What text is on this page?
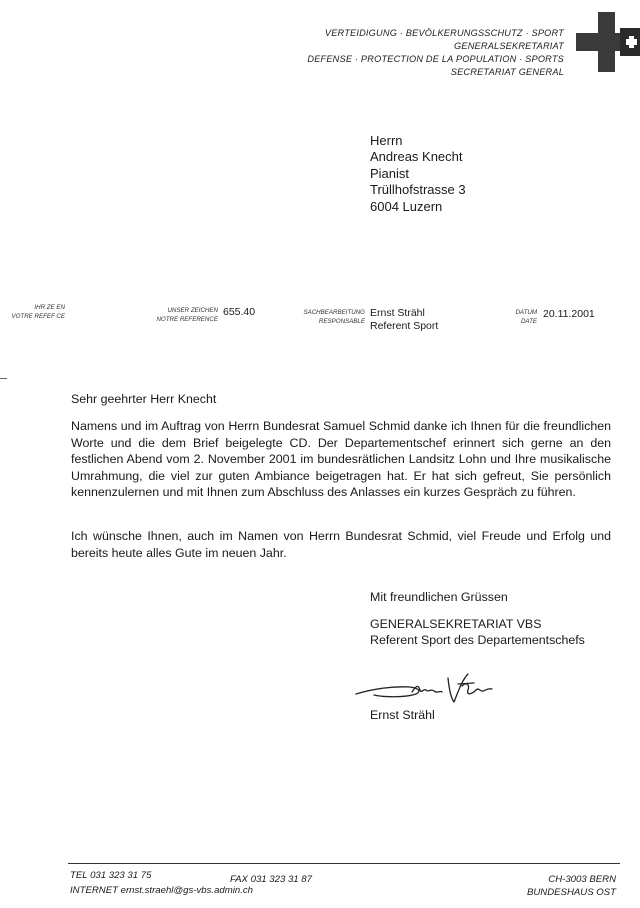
VERTEIDIGUNG · BEVÖLKERUNGSSCHUTZ · SPORT
GENERALSEKRETARIAT
DEFENSE · PROTECTION DE LA POPULATION · SPORTS
SECRETARIAT GENERAL
Herrn
Andreas Knecht
Pianist
Trüllhofstrasse 3
6004 Luzern
IHR ZE EN
VOTRE REFEF CE
UNSER ZEICHEN
NOTRE REFERENCE
655.40	SACHBEARBEITUNG
RESPONSABLE
Ernst Strähl
Referent Sport
DATUM
DATE
20.11.2001
Sehr geehrter Herr Knecht

Namens und im Auftrag von Herrn Bundesrat Samuel Schmid danke ich Ihnen für die freundlichen Worte und die dem Brief beigelegte CD. Der Departementschef erinnert sich gerne an den festlichen Abend vom 2. November 2001 im bundesrätlichen Landsitz Lohn und Ihre musikalische Umrahmung, die viel zur guten Ambiance beigetragen hat. Er hat sich gefreut, Sie persönlich kennenzulernen und mit Ihnen zum Abschluss des Anlasses ein kurzes Gespräch zu führen.

Ich wünsche Ihnen, auch im Namen von Herrn Bundesrat Schmid, viel Freude und Erfolg und bereits heute alles Gute im neuen Jahr.

Mit freundlichen Grüssen
GENERALSEKRETARIAT VBS
Referent Sport des Departementschefs
Ernst Strähl
TEL 031 323 31 75	FAX 031 323 31 87
INTERNET ernst.straehl@gs-vbs.admin.ch
CH-3003 BERN
BUNDESHAUS OST
